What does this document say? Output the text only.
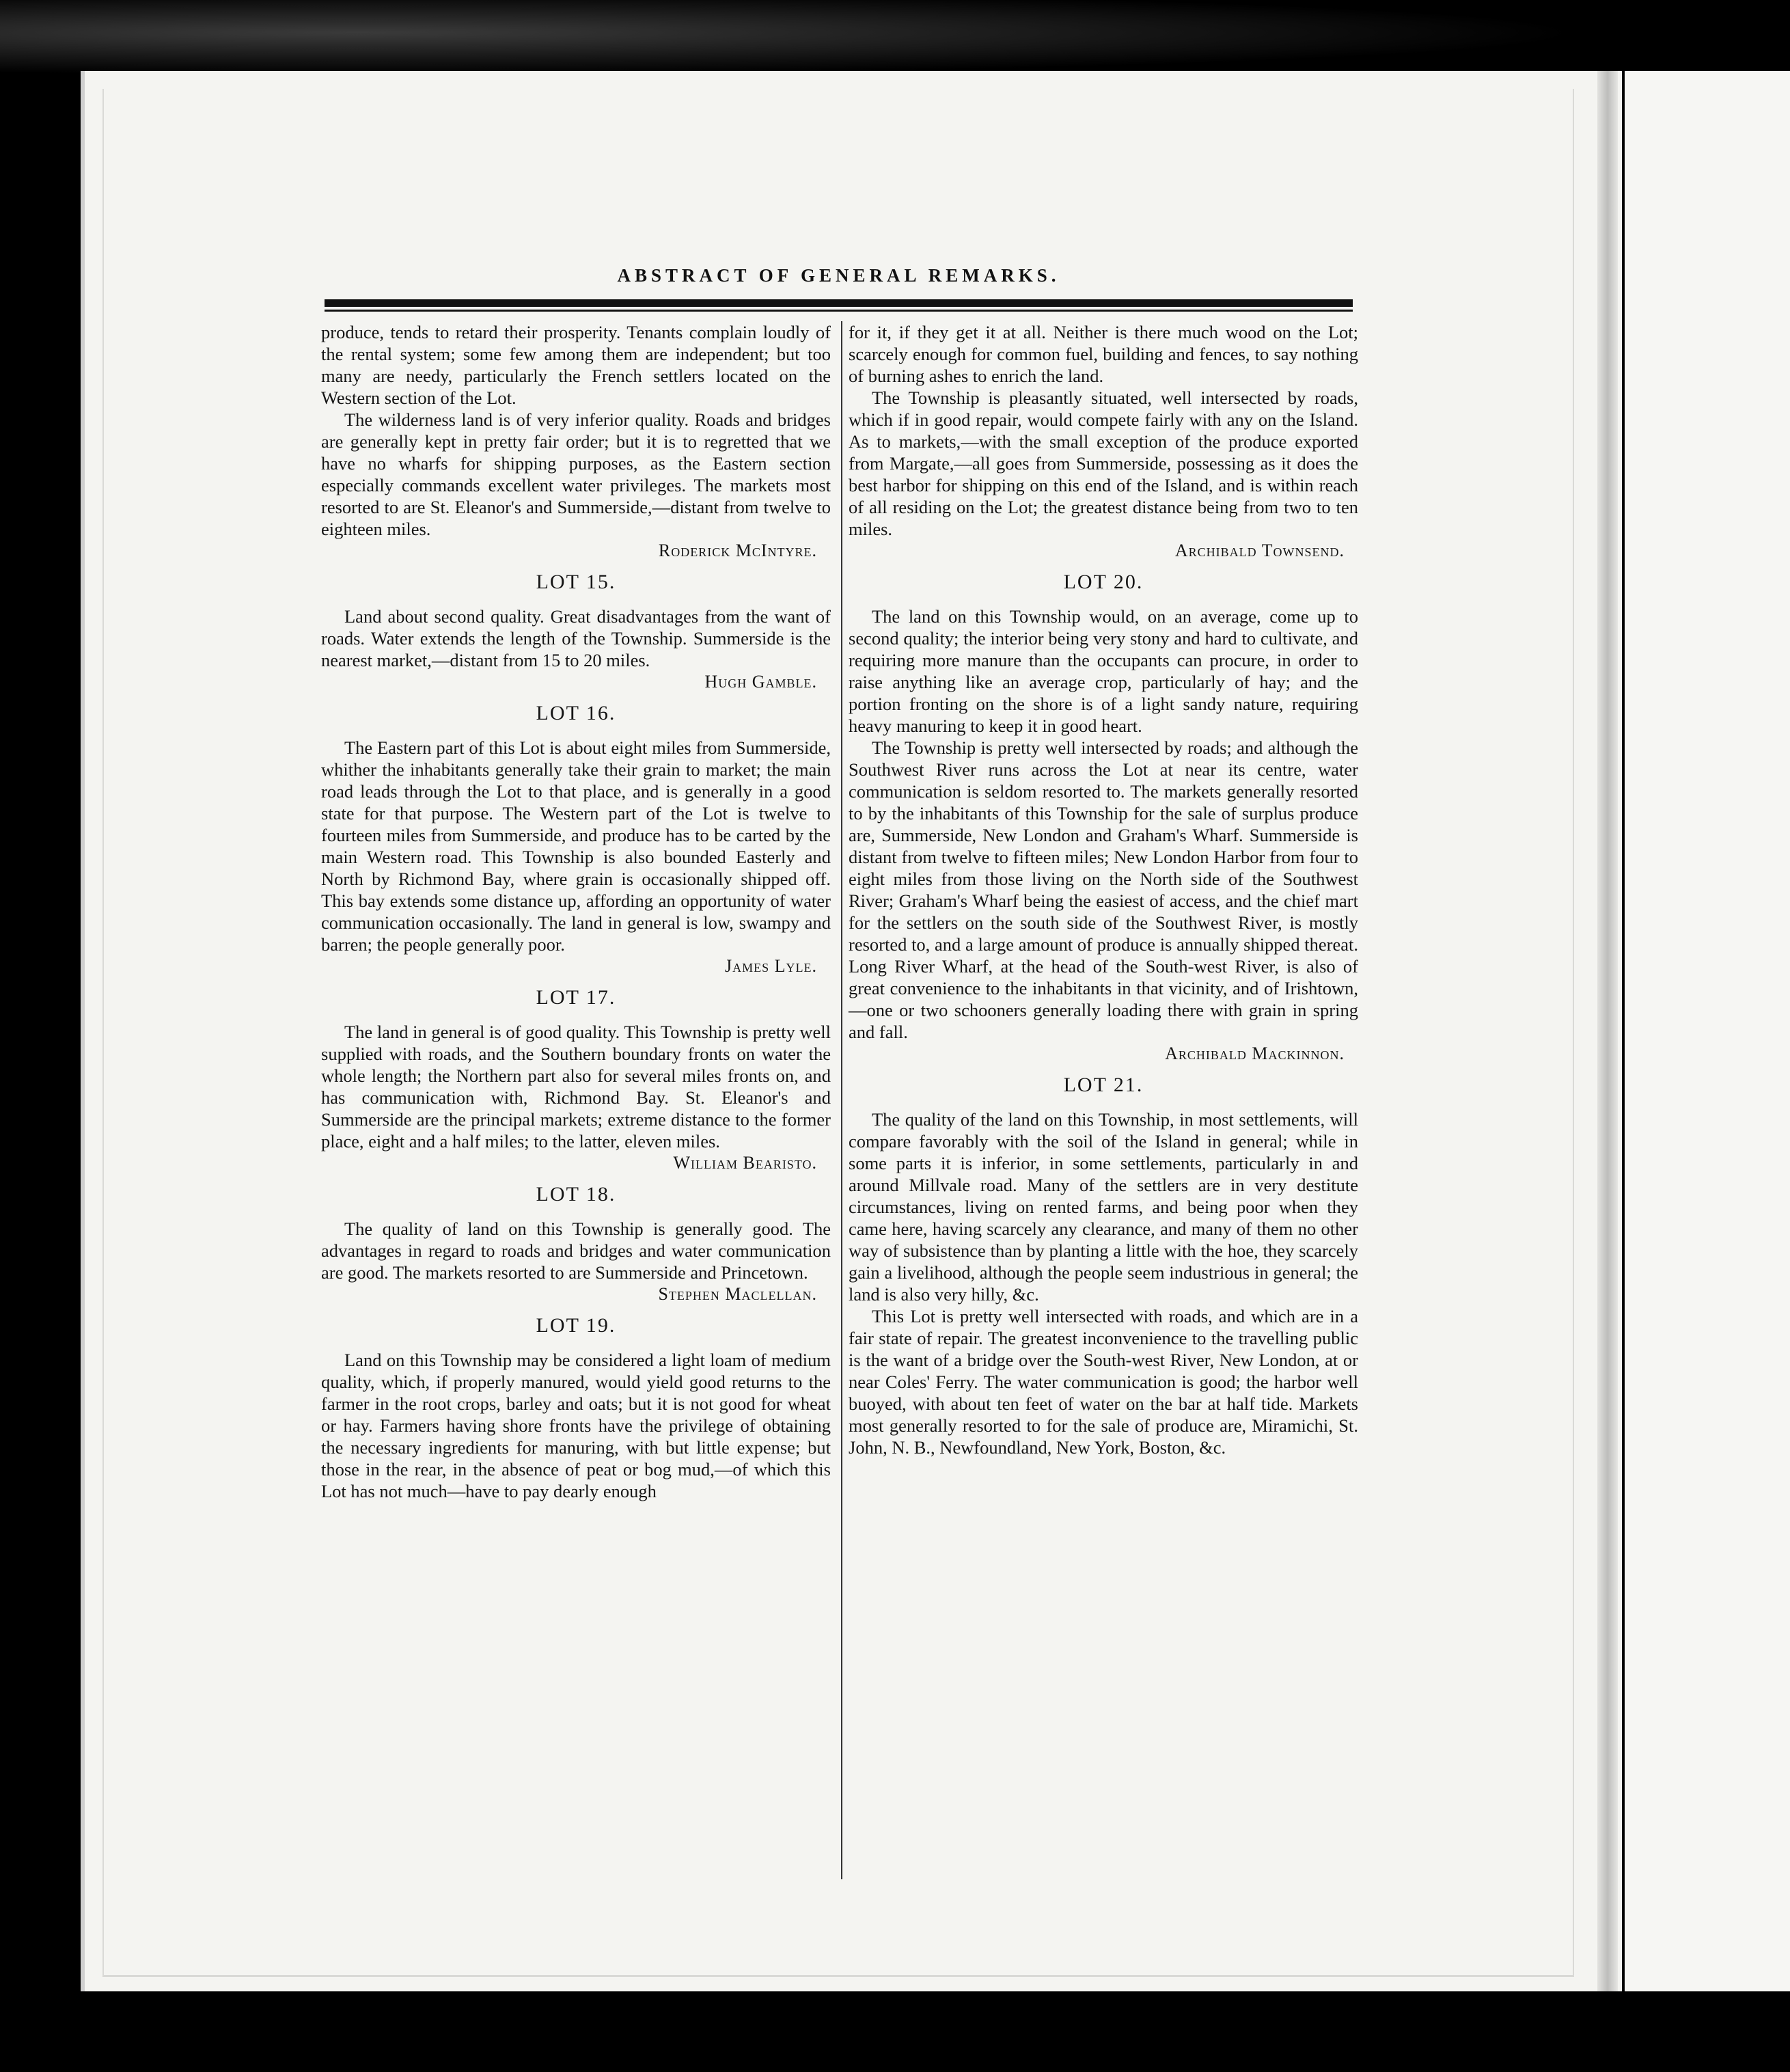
ABSTRACT OF GENERAL REMARKS.

produce, tends to retard their prosperity. Tenants complain loudly of the rental system; some few among them are independent; but too many are needy, particularly the French settlers located on the Western section of the Lot.

The wilderness land is of very inferior quality. Roads and bridges are generally kept in pretty fair order; but it is to regretted that we have no wharfs for shipping purposes, as the Eastern section especially commands excellent water privileges. The markets most resorted to are St. Eleanor's and Summerside,—distant from twelve to eighteen miles.

Roderick McIntyre.
LOT 15.

Land about second quality. Great disadvantages from the want of roads. Water extends the length of the Township. Summerside is the nearest market,—distant from 15 to 20 miles.

Hugh Gamble.
LOT 16.

The Eastern part of this Lot is about eight miles from Summerside, whither the inhabitants generally take their grain to market; the main road leads through the Lot to that place, and is generally in a good state for that purpose. The Western part of the Lot is twelve to fourteen miles from Summerside, and produce has to be carted by the main Western road. This Township is also bounded Easterly and North by Richmond Bay, where grain is occasionally shipped off. This bay extends some distance up, affording an opportunity of water communication occasionally. The land in general is low, swampy and barren; the people generally poor.

James Lyle.
LOT 17.

The land in general is of good quality. This Township is pretty well supplied with roads, and the Southern boundary fronts on water the whole length; the Northern part also for several miles fronts on, and has communication with, Richmond Bay. St. Eleanor's and Summerside are the principal markets; extreme distance to the former place, eight and a half miles; to the latter, eleven miles.

William Bearisto.
LOT 18.

The quality of land on this Township is generally good. The advantages in regard to roads and bridges and water communication are good. The markets resorted to are Summerside and Princetown.

Stephen Maclellan.
LOT 19.

Land on this Township may be considered a light loam of medium quality, which, if properly manured, would yield good returns to the farmer in the root crops, barley and oats; but it is not good for wheat or hay. Farmers having shore fronts have the privilege of obtaining the necessary ingredients for manuring, with but little expense; but those in the rear, in the absence of peat or bog mud,—of which this Lot has not much—have to pay dearly enough

for it, if they get it at all. Neither is there much wood on the Lot; scarcely enough for common fuel, building and fences, to say nothing of burning ashes to enrich the land.

The Township is pleasantly situated, well intersected by roads, which if in good repair, would compete fairly with any on the Island. As to markets,—with the small exception of the produce exported from Margate,—all goes from Summerside, possessing as it does the best harbor for shipping on this end of the Island, and is within reach of all residing on the Lot; the greatest distance being from two to ten miles.

Archibald Townsend.
LOT 20.

The land on this Township would, on an average, come up to second quality; the interior being very stony and hard to cultivate, and requiring more manure than the occupants can procure, in order to raise anything like an average crop, particularly of hay; and the portion fronting on the shore is of a light sandy nature, requiring heavy manuring to keep it in good heart.

The Township is pretty well intersected by roads; and although the Southwest River runs across the Lot at near its centre, water communication is seldom resorted to. The markets generally resorted to by the inhabitants of this Township for the sale of surplus produce are, Summerside, New London and Graham's Wharf. Summerside is distant from twelve to fifteen miles; New London Harbor from four to eight miles from those living on the North side of the Southwest River; Graham's Wharf being the easiest of access, and the chief mart for the settlers on the south side of the Southwest River, is mostly resorted to, and a large amount of produce is annually shipped thereat. Long River Wharf, at the head of the South-west River, is also of great convenience to the inhabitants in that vicinity, and of Irishtown,—one or two schooners generally loading there with grain in spring and fall.

Archibald Mackinnon.
LOT 21.

The quality of the land on this Township, in most settlements, will compare favorably with the soil of the Island in general; while in some parts it is inferior, in some settlements, particularly in and around Millvale road. Many of the settlers are in very destitute circumstances, living on rented farms, and being poor when they came here, having scarcely any clearance, and many of them no other way of subsistence than by planting a little with the hoe, they scarcely gain a livelihood, although the people seem industrious in general; the land is also very hilly, &c.

This Lot is pretty well intersected with roads, and which are in a fair state of repair. The greatest inconvenience to the travelling public is the want of a bridge over the South-west River, New London, at or near Coles' Ferry. The water communication is good; the harbor well buoyed, with about ten feet of water on the bar at half tide. Markets most generally resorted to for the sale of produce are, Miramichi, St. John, N. B., Newfoundland, New York, Boston, &c.
